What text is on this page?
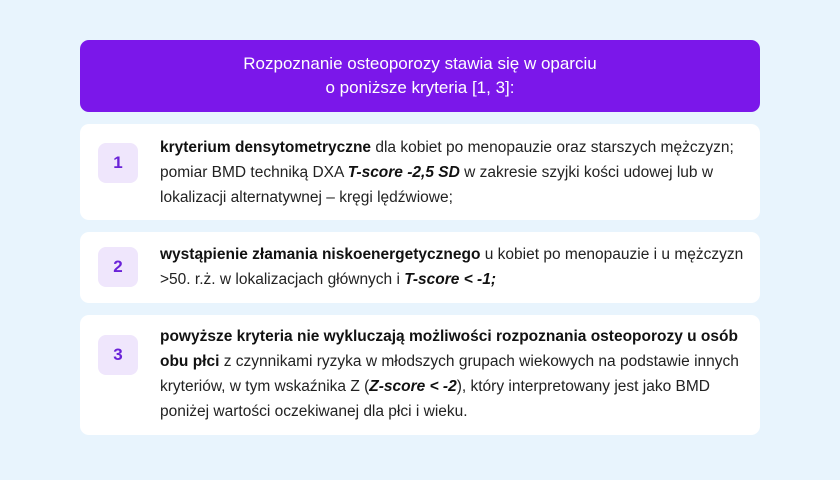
Rozpoznanie osteoporozy stawia się w oparciu
o poniższe kryteria [1, 3]:
1
kryterium densytometryczne dla kobiet po menopauzie oraz starszych mężczyzn; pomiar BMD techniką DXA T-score -2,5 SD w zakresie szyjki kości udowej lub w lokalizacji alternatywnej – kręgi lędźwiowe;
2
wystąpienie złamania niskoenergetycznego u kobiet po menopauzie i u mężczyzn >50. r.ż. w lokalizacjach głównych i T-score < -1;
3
powyższe kryteria nie wykluczają możliwości rozpoznania osteoporozy u osób obu płci z czynnikami ryzyka w młodszych grupach wiekowych na podstawie innych kryteriów, w tym wskaźnika Z (Z-score < -2), który interpretowany jest jako BMD poniżej wartości oczekiwanej dla płci i wieku.
